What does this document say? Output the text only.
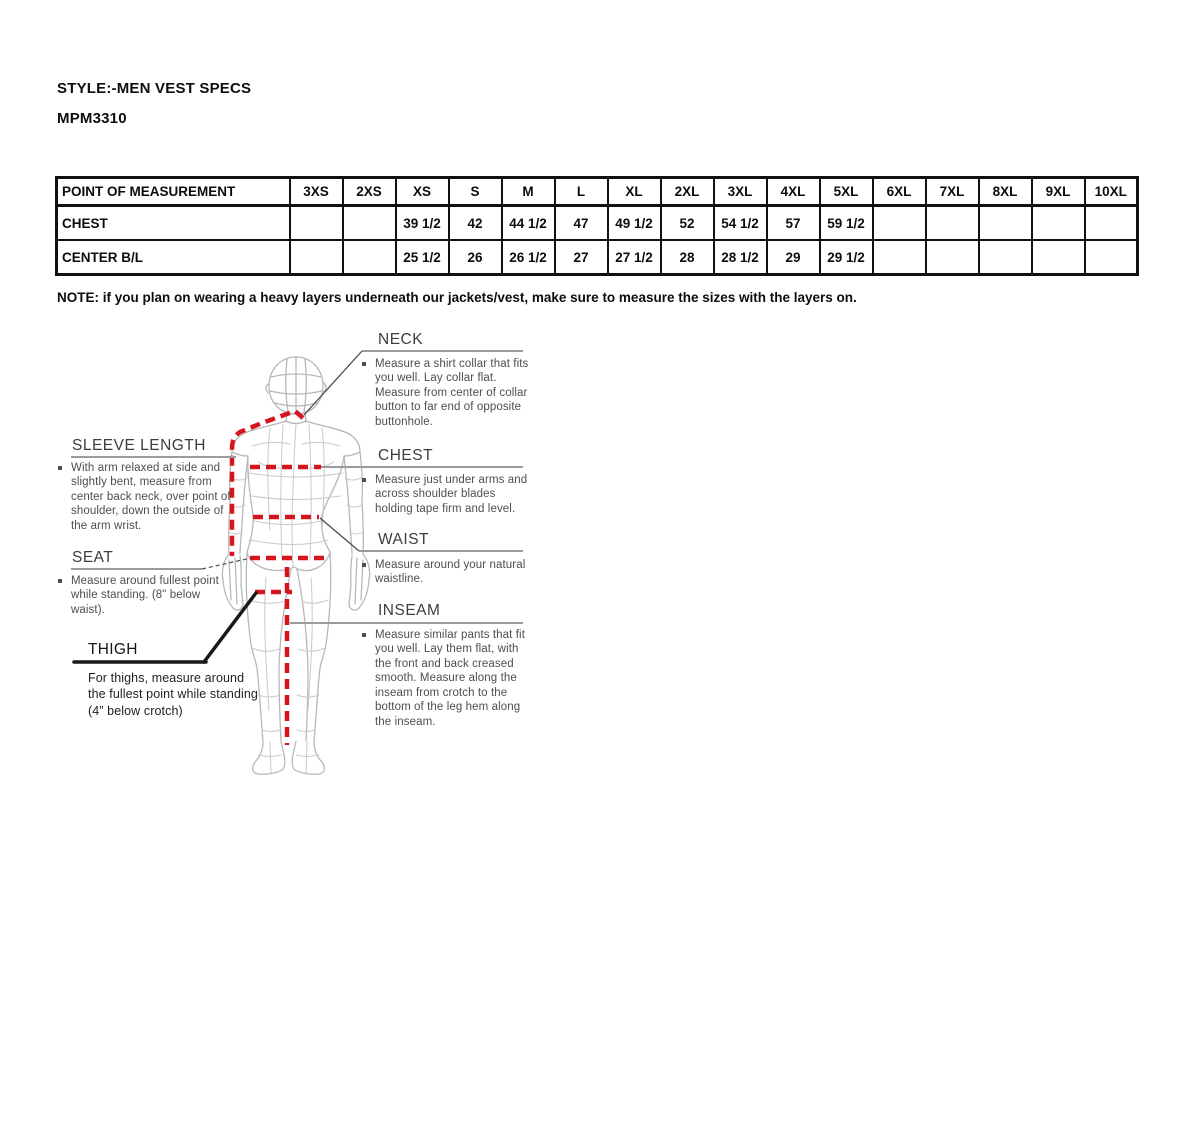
STYLE:-MEN VEST SPECS
MPM3310
POINT OF MEASUREMENT	3XS	2XS	XS	S	M	L	XL	2XL	3XL	4XL	5XL	6XL	7XL	8XL	9XL	10XL
CHEST			39 1/2	42	44 1/2	47	49 1/2	52	54 1/2	57	59 1/2					
CENTER B/L			25 1/2	26	26 1/2	27	27 1/2	28	28 1/2	29	29 1/2					
NOTE: if you plan on wearing a heavy layers underneath our jackets/vest, make sure to measure the sizes with the layers on.
NECK
Measure a shirt collar that fits you well. Lay collar flat. Measure from center of collar button to far end of opposite buttonhole.
CHEST
Measure just under arms and across shoulder blades holding tape firm and level.
WAIST
Measure around your natural waistline.
INSEAM
Measure similar pants that fit you well. Lay them flat, with the front and back creased smooth. Measure along the inseam from crotch to the bottom of the leg hem along the inseam.
SLEEVE LENGTH
With arm relaxed at side and slightly bent, measure from center back neck, over point of shoulder, down the outside of the arm wrist.
SEAT
Measure around fullest point while standing. (8" below waist).
THIGH
For thighs, measure around the fullest point while standing (4” below crotch)
